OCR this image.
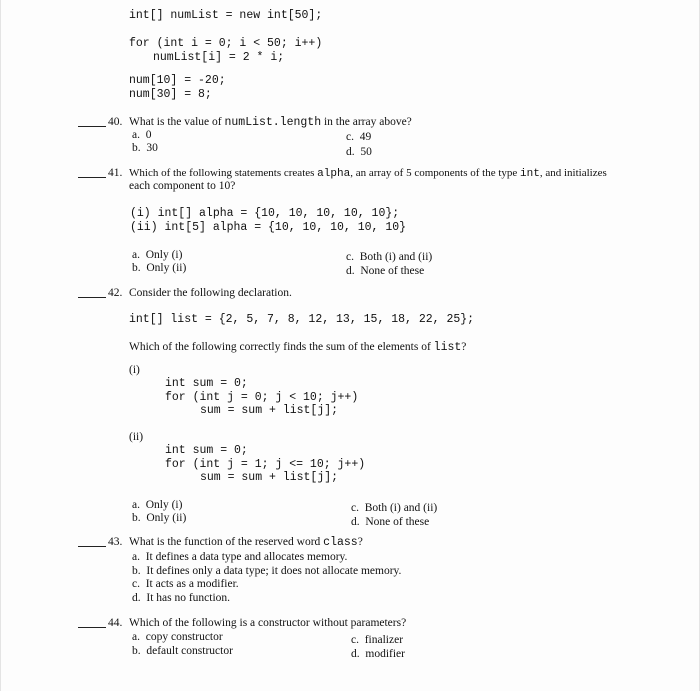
int[] numList = new int[50];
for (int i = 0; i < 50; i++)
numList[i] = 2 * i;
num[10] = -20;
num[30] = 8;
40. What is the value of numList.length in the array above?
a.  0
b.  30
c.  49
d.  50
41. Which of the following statements creates alpha, an array of 5 components of the type int, and initializes
each component to 10?
(i) int[] alpha = {10, 10, 10, 10, 10};
(ii) int[5] alpha = {10, 10, 10, 10, 10}
a.  Only (i)
b.  Only (ii)
c.  Both (i) and (ii)
d.  None of these
42. Consider the following declaration.
int[] list = {2, 5, 7, 8, 12, 13, 15, 18, 22, 25};
Which of the following correctly finds the sum of the elements of list?
(i)
int sum = 0;
for (int j = 0; j < 10; j++)
sum = sum + list[j];
(ii)
int sum = 0;
for (int j = 1; j <= 10; j++)
sum = sum + list[j];
a.  Only (i)
b.  Only (ii)
c.  Both (i) and (ii)
d.  None of these
43. What is the function of the reserved word class?
a.  It defines a data type and allocates memory.
b.  It defines only a data type; it does not allocate memory.
c.  It acts as a modifier.
d.  It has no function.
44. Which of the following is a constructor without parameters?
a.  copy constructor
b.  default constructor
c.  finalizer
d.  modifier
